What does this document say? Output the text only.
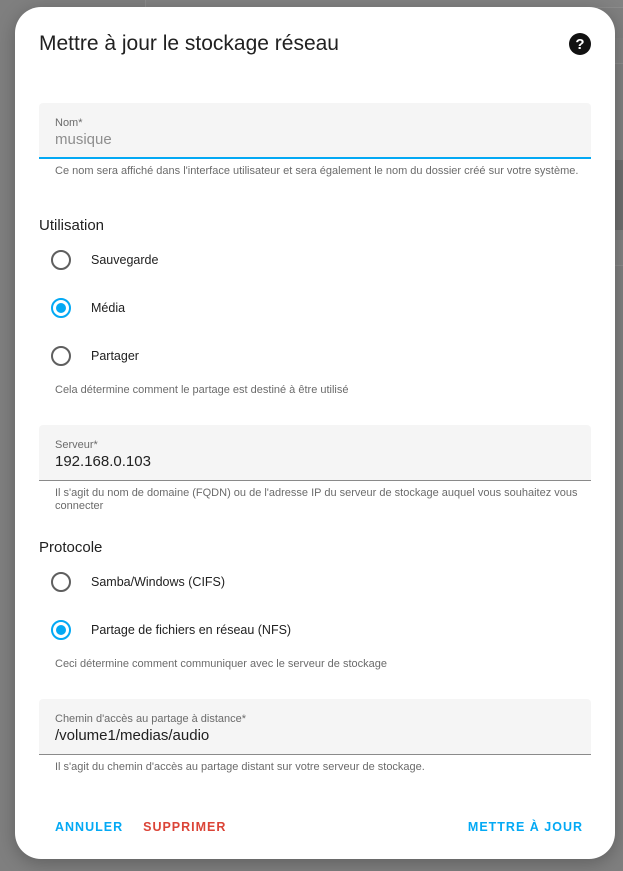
Mettre à jour le stockage réseau	?
Nom*
musique
Ce nom sera affiché dans l'interface utilisateur et sera également le nom du dossier créé sur votre système.
Utilisation
Sauvegarde
Média
Partager
Cela détermine comment le partage est destiné à être utilisé
Serveur*
192.168.0.103
Il s'agit du nom de domaine (FQDN) ou de l'adresse IP du serveur de stockage auquel vous souhaitez vous connecter
Protocole
Samba/Windows (CIFS)
Partage de fichiers en réseau (NFS)
Ceci détermine comment communiquer avec le serveur de stockage
Chemin d'accès au partage à distance*
/volume1/medias/audio
Il s'agit du chemin d'accès au partage distant sur votre serveur de stockage.
ANNULER	SUPPRIMER	METTRE À JOUR
